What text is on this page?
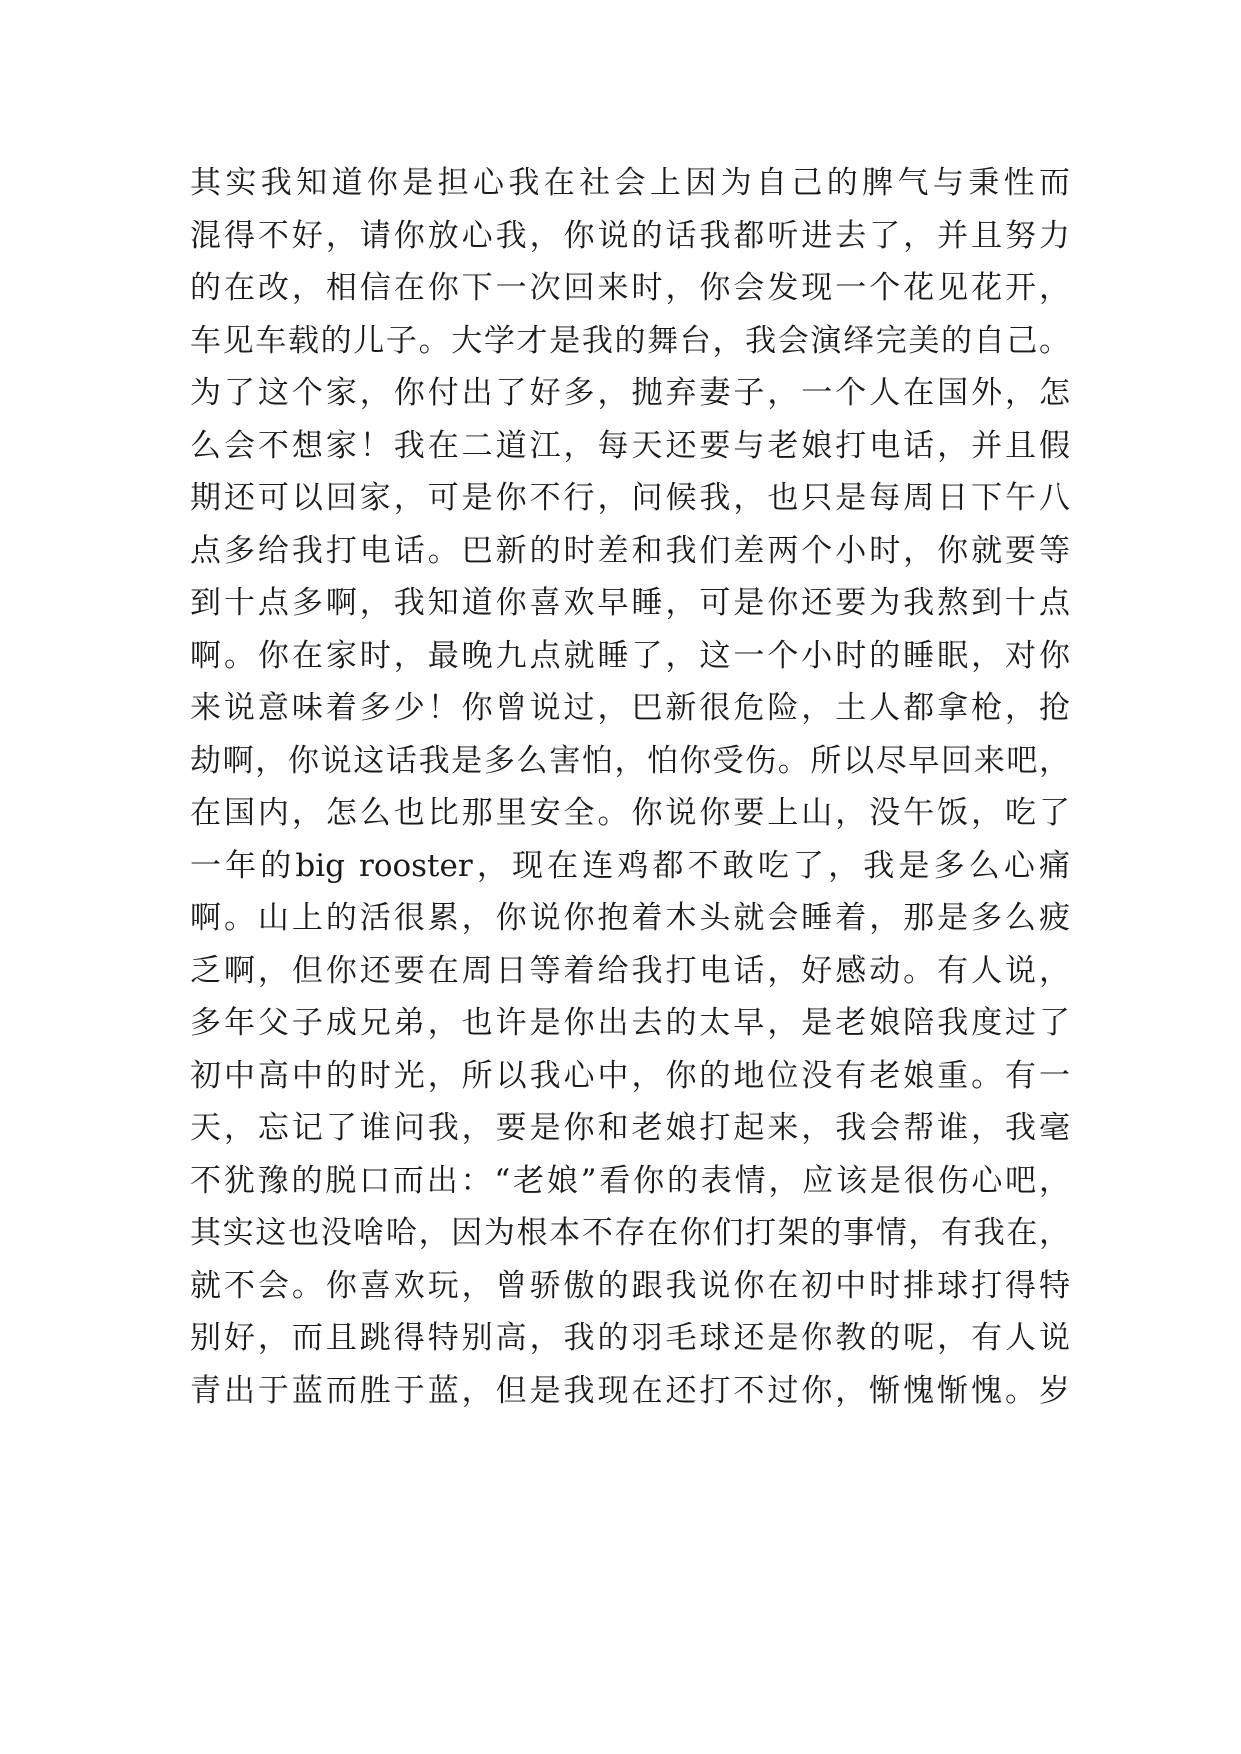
其实我知道你是担心我在社会上因为自己的脾气与秉性而
混得不好，请你放心我，你说的话我都听进去了，并且努力
的在改，相信在你下一次回来时，你会发现一个花见花开，
车见车载的儿子。大学才是我的舞台，我会演绎完美的自己。
为了这个家，你付出了好多，抛弃妻子，一个人在国外，怎
么会不想家！我在二道江，每天还要与老娘打电话，并且假
期还可以回家，可是你不行，问候我，也只是每周日下午八
点多给我打电话。巴新的时差和我们差两个小时，你就要等
到十点多啊，我知道你喜欢早睡，可是你还要为我熬到十点
啊。你在家时，最晚九点就睡了，这一个小时的睡眠，对你
来说意味着多少！你曾说过，巴新很危险，土人都拿枪，抢
劫啊，你说这话我是多么害怕，怕你受伤。所以尽早回来吧，
在国内，怎么也比那里安全。你说你要上山，没午饭，吃了
一年的big rooster，现在连鸡都不敢吃了，我是多么心痛
啊。山上的活很累，你说你抱着木头就会睡着，那是多么疲
乏啊，但你还要在周日等着给我打电话，好感动。有人说，
多年父子成兄弟，也许是你出去的太早，是老娘陪我度过了
初中高中的时光，所以我心中，你的地位没有老娘重。有一
天，忘记了谁问我，要是你和老娘打起来，我会帮谁，我毫
不犹豫的脱口而出：“老娘”看你的表情，应该是很伤心吧，
其实这也没啥哈，因为根本不存在你们打架的事情，有我在，
就不会。你喜欢玩，曾骄傲的跟我说你在初中时排球打得特
别好，而且跳得特别高，我的羽毛球还是你教的呢，有人说
青出于蓝而胜于蓝，但是我现在还打不过你，惭愧惭愧。岁
